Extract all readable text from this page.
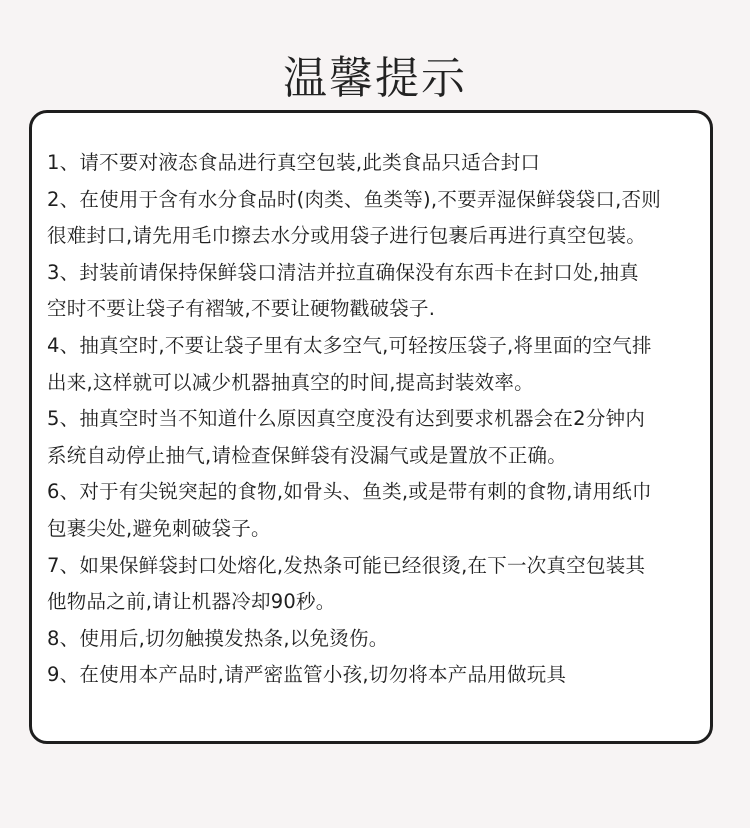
温馨提示
1、请不要对液态食品进行真空包装,此类食品只适合封口
2、在使用于含有水分食品时(肉类、鱼类等),不要弄湿保鲜袋袋口,否则
很难封口,请先用毛巾擦去水分或用袋子进行包裹后再进行真空包装。
3、封装前请保持保鲜袋口清洁并拉直确保没有东西卡在封口处,抽真
空时不要让袋子有褶皱,不要让硬物戳破袋子.
4、抽真空时,不要让袋子里有太多空气,可轻按压袋子,将里面的空气排
出来,这样就可以减少机器抽真空的时间,提高封装效率。
5、抽真空时当不知道什么原因真空度没有达到要求机器会在2分钟内
系统自动停止抽气,请检查保鲜袋有没漏气或是置放不正确。
6、对于有尖锐突起的食物,如骨头、鱼类,或是带有刺的食物,请用纸巾
包裹尖处,避免刺破袋子。
7、如果保鲜袋封口处熔化,发热条可能已经很烫,在下一次真空包装其
他物品之前,请让机器冷却90秒。
8、使用后,切勿触摸发热条,以免烫伤。
9、在使用本产品时,请严密监管小孩,切勿将本产品用做玩具
